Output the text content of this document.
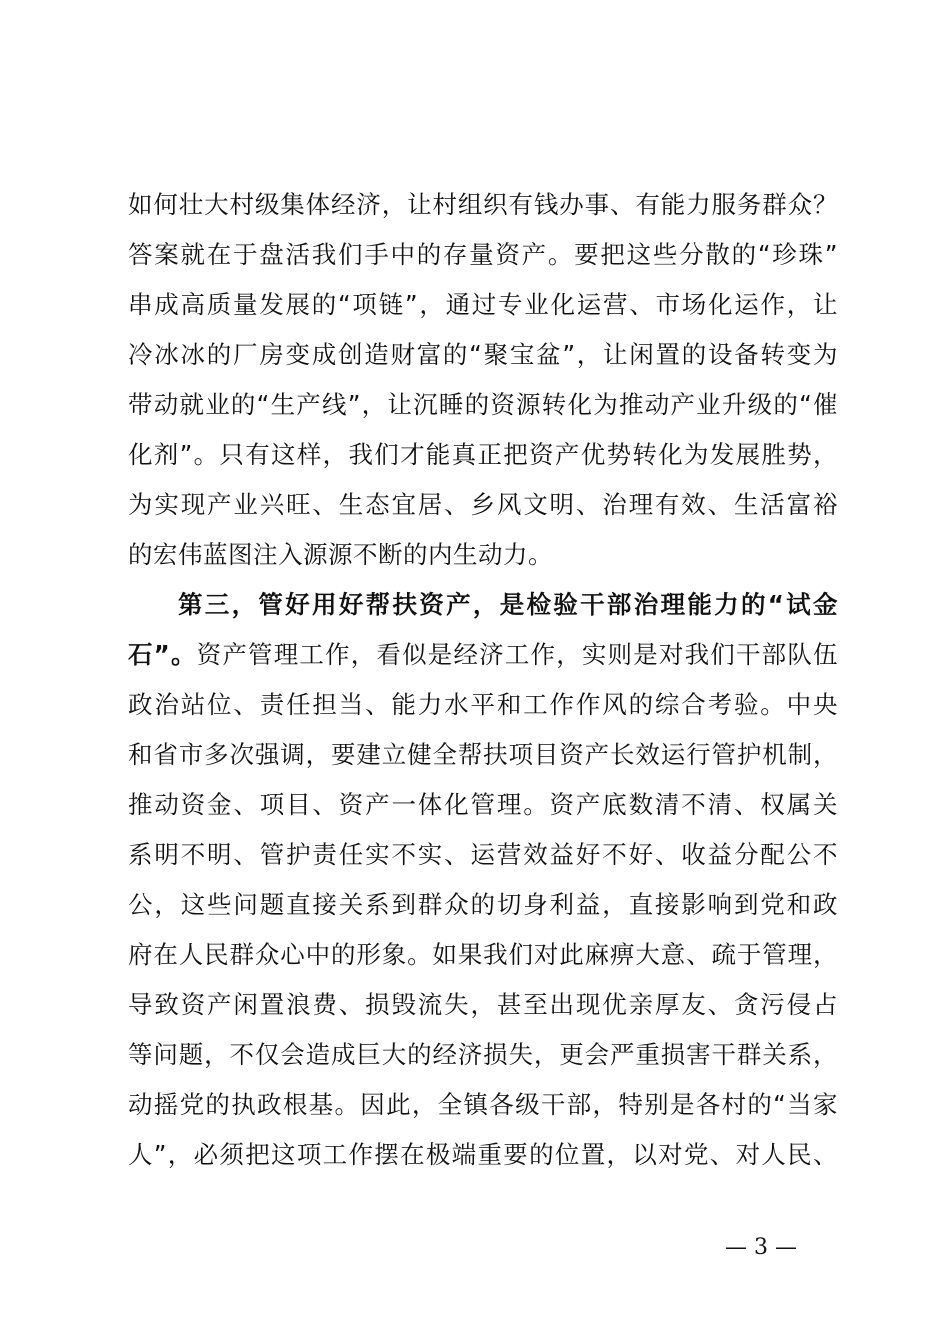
如何壮大村级集体经济，让村组织有钱办事、有能力服务群众？
答案就在于盘活我们手中的存量资产。要把这些分散的“珍珠”
串成高质量发展的“项链”，通过专业化运营、市场化运作，让
冷冰冰的厂房变成创造财富的“聚宝盆”，让闲置的设备转变为
带动就业的“生产线”，让沉睡的资源转化为推动产业升级的“催
化剂”。只有这样，我们才能真正把资产优势转化为发展胜势，
为实现产业兴旺、生态宜居、乡风文明、治理有效、生活富裕
的宏伟蓝图注入源源不断的内生动力。
第三，管好用好帮扶资产，是检验干部治理能力的“试金
石”。资产管理工作，看似是经济工作，实则是对我们干部队伍
政治站位、责任担当、能力水平和工作作风的综合考验。中央
和省市多次强调，要建立健全帮扶项目资产长效运行管护机制，
推动资金、项目、资产一体化管理。资产底数清不清、权属关
系明不明、管护责任实不实、运营效益好不好、收益分配公不
公，这些问题直接关系到群众的切身利益，直接影响到党和政
府在人民群众心中的形象。如果我们对此麻痹大意、疏于管理，
导致资产闲置浪费、损毁流失，甚至出现优亲厚友、贪污侵占
等问题，不仅会造成巨大的经济损失，更会严重损害干群关系，
动摇党的执政根基。因此，全镇各级干部，特别是各村的“当家
人”，必须把这项工作摆在极端重要的位置，以对党、对人民、
— 3 —
